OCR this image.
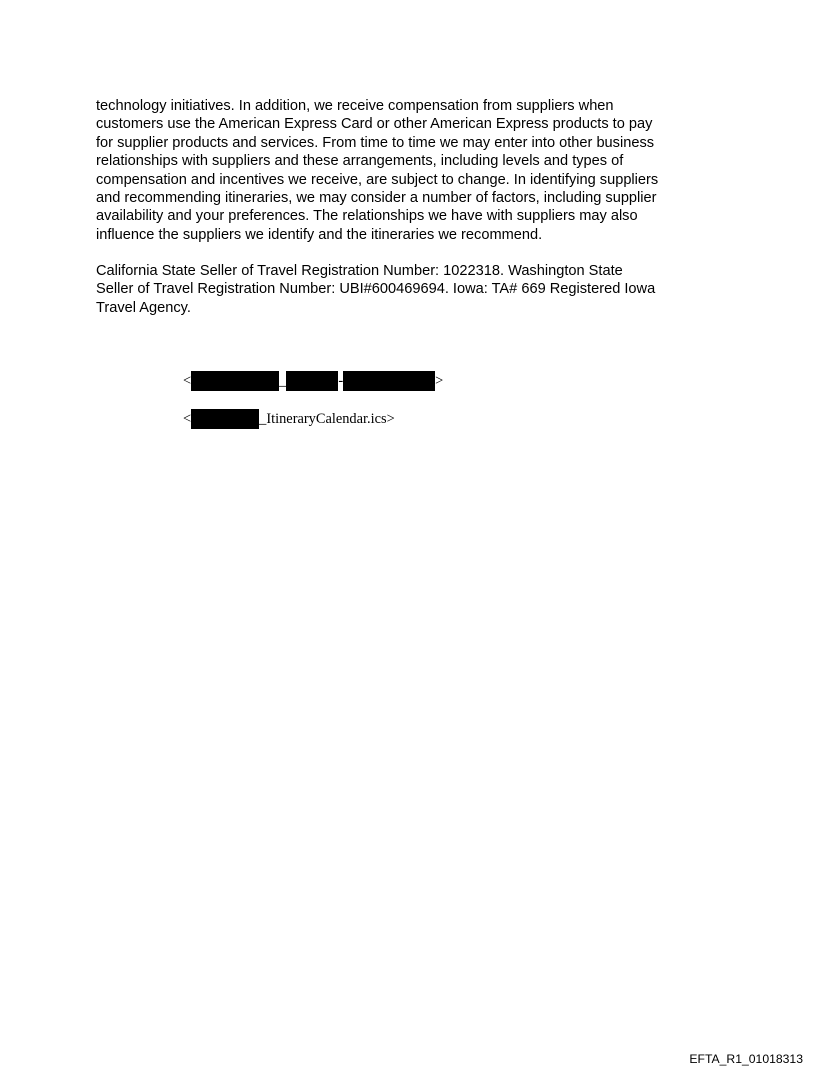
technology initiatives. In addition, we receive compensation from suppliers when
customers use the American Express Card or other American Express products to pay
for supplier products and services. From time to time we may enter into other business
relationships with suppliers and these arrangements, including levels and types of
compensation and incentives we receive, are subject to change. In identifying suppliers
and recommending itineraries, we may consider a number of factors, including supplier
availability and your preferences. The relationships we have with suppliers may also
influence the suppliers we identify and the itineraries we recommend.
California State Seller of Travel Registration Number: 1022318. Washington State
Seller of Travel Registration Number: UBI#600469694. Iowa: TA# 669 Registered Iowa
Travel Agency.
<	_	-	>
<	_ItineraryCalendar.ics>
EFTA_R1_01018313
